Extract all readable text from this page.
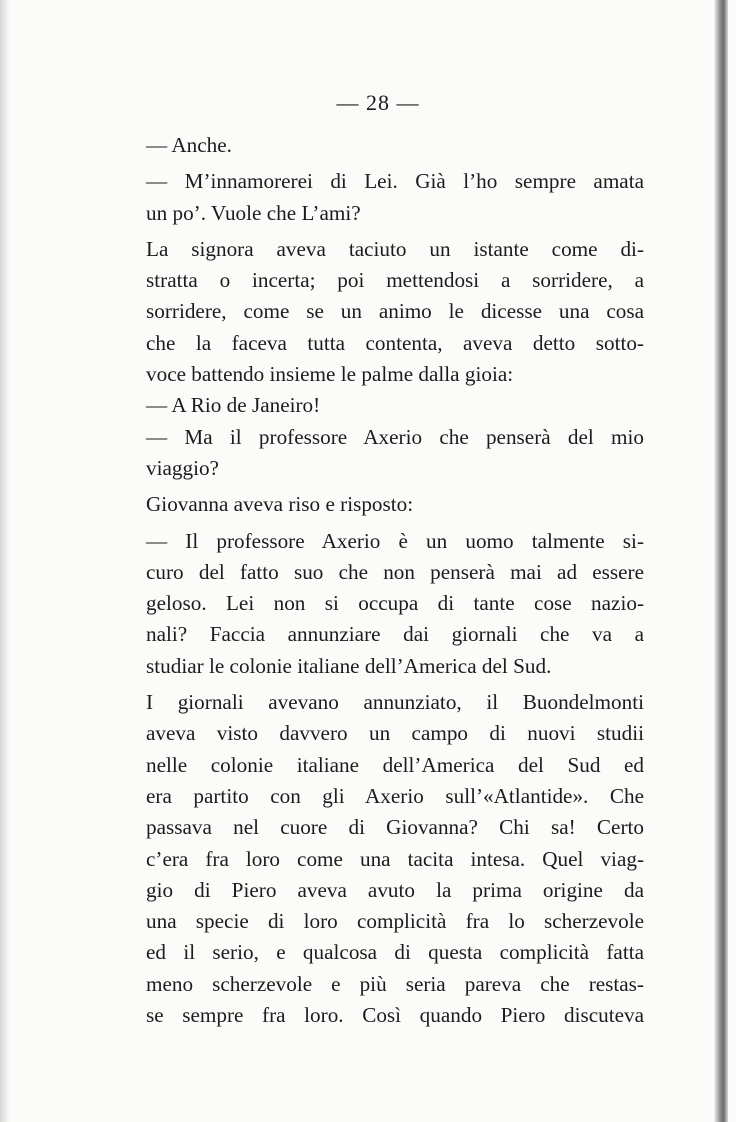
— 28 —

— Anche.

— M’innamorerei di Lei. Già l’ho sempre amata
un po’. Vuole che L’ami?

La signora aveva taciuto un istante come di-
stratta o incerta; poi mettendosi a sorridere, a
sorridere, come se un animo le dicesse una cosa
che la faceva tutta contenta, aveva detto sotto-
voce battendo insieme le palme dalla gioia:

— A Rio de Janeiro!

— Ma il professore Axerio che penserà del mio
viaggio?

Giovanna aveva riso e risposto:

— Il professore Axerio è un uomo talmente si-
curo del fatto suo che non penserà mai ad essere
geloso. Lei non si occupa di tante cose nazio-
nali? Faccia annunziare dai giornali che va a
studiar le colonie italiane dell’America del Sud.

I giornali avevano annunziato, il Buondelmonti
aveva visto davvero un campo di nuovi studii
nelle colonie italiane dell’America del Sud ed
era partito con gli Axerio sull’«Atlantide». Che
passava nel cuore di Giovanna? Chi sa! Certo
c’era fra loro come una tacita intesa. Quel viag-
gio di Piero aveva avuto la prima origine da
una specie di loro complicità fra lo scherzevole
ed il serio, e qualcosa di questa complicità fatta
meno scherzevole e più seria pareva che restas-
se sempre fra loro. Così quando Piero discuteva
